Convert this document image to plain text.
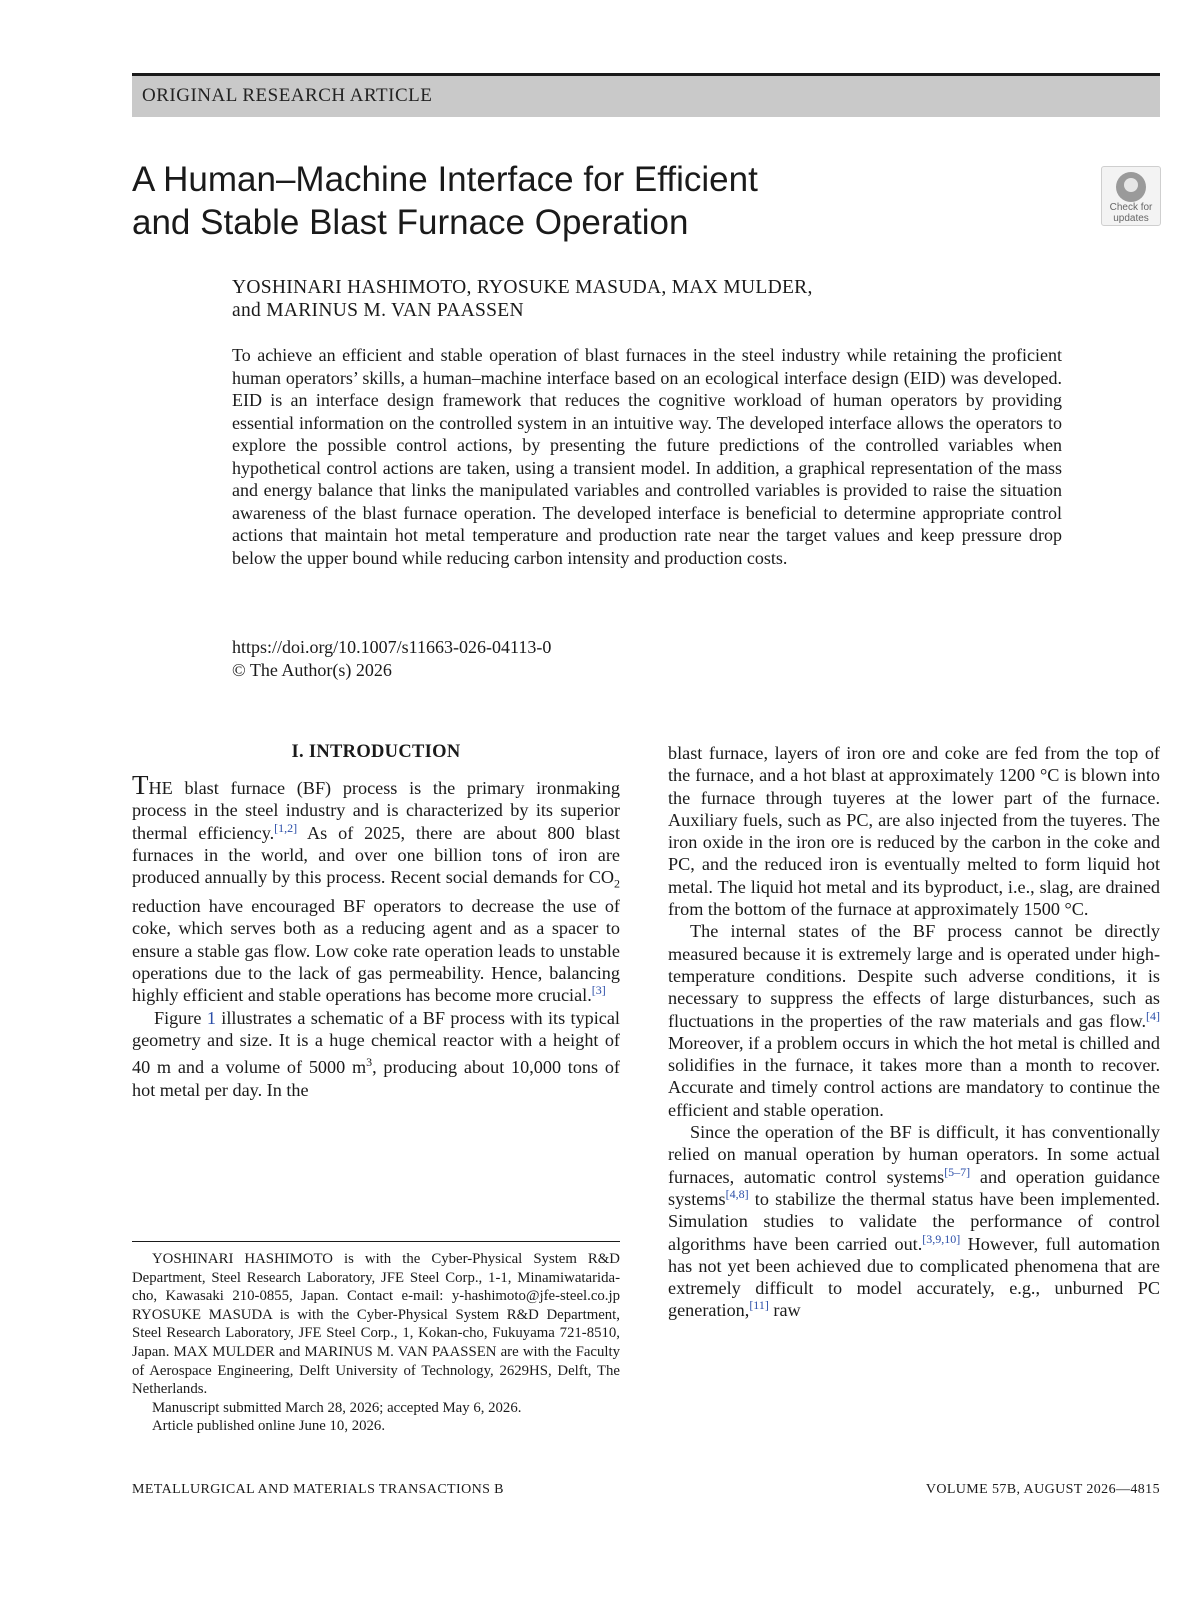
ORIGINAL RESEARCH ARTICLE
A Human–Machine Interface for Efficient
and Stable Blast Furnace Operation	Check for
updates
YOSHINARI HASHIMOTO, RYOSUKE MASUDA, MAX MULDER,
and MARINUS M. VAN PAASSEN

To achieve an efficient and stable operation of blast furnaces in the steel industry while retaining the proficient human operators’ skills, a human–machine interface based on an ecological interface design (EID) was developed. EID is an interface design framework that reduces the cognitive workload of human operators by providing essential information on the controlled system in an intuitive way. The developed interface allows the operators to explore the possible control actions, by presenting the future predictions of the controlled variables when hypothetical control actions are taken, using a transient model. In addition, a graphical representation of the mass and energy balance that links the manipulated variables and controlled variables is provided to raise the situation awareness of the blast furnace operation. The developed interface is beneficial to determine appropriate control actions that maintain hot metal temperature and production rate near the target values and keep pressure drop below the upper bound while reducing carbon intensity and production costs.

https://doi.org/10.1007/s11663-026-04113-0
© The Author(s) 2026
I. INTRODUCTION

THE blast furnace (BF) process is the primary ironmaking process in the steel industry and is characterized by its superior thermal efficiency.[1,2] As of 2025, there are about 800 blast furnaces in the world, and over one billion tons of iron are produced annually by this process. Recent social demands for $CO_2$ reduction have encouraged BF operators to decrease the use of coke, which serves both as a reducing agent and as a spacer to ensure a stable gas flow. Low coke rate operation leads to unstable operations due to the lack of gas permeability. Hence, balancing highly efficient and stable operations has become more crucial.[3]

Figure 1 illustrates a schematic of a BF process with its typical geometry and size. It is a huge chemical reactor with a height of 40 m and a volume of 5000 $m^3$, producing about 10,000 tons of hot metal per day. In the

blast furnace, layers of iron ore and coke are fed from the top of the furnace, and a hot blast at approximately 1200 °C is blown into the furnace through tuyeres at the lower part of the furnace. Auxiliary fuels, such as PC, are also injected from the tuyeres. The iron oxide in the iron ore is reduced by the carbon in the coke and PC, and the reduced iron is eventually melted to form liquid hot metal. The liquid hot metal and its byproduct, i.e., slag, are drained from the bottom of the furnace at approximately 1500 °C.

The internal states of the BF process cannot be directly measured because it is extremely large and is operated under high-temperature conditions. Despite such adverse conditions, it is necessary to suppress the effects of large disturbances, such as fluctuations in the properties of the raw materials and gas flow.[4] Moreover, if a problem occurs in which the hot metal is chilled and solidifies in the furnace, it takes more than a month to recover. Accurate and timely control actions are mandatory to continue the efficient and stable operation.

Since the operation of the BF is difficult, it has conventionally relied on manual operation by human operators. In some actual furnaces, automatic control systems[5–7] and operation guidance systems[4,8] to stabilize the thermal status have been implemented. Simulation studies to validate the performance of control algorithms have been carried out.[3,9,10] However, full automation has not yet been achieved due to complicated phenomena that are extremely difficult to model accurately, e.g., unburned PC generation,[11] raw

YOSHINARI HASHIMOTO is with the Cyber-Physical System R&D Department, Steel Research Laboratory, JFE Steel Corp., 1-1, Minamiwatarida-cho, Kawasaki 210-0855, Japan. Contact e-mail: y-hashimoto@jfe-steel.co.jp RYOSUKE MASUDA is with the Cyber-Physical System R&D Department, Steel Research Laboratory, JFE Steel Corp., 1, Kokan-cho, Fukuyama 721-8510, Japan. MAX MULDER and MARINUS M. VAN PAASSEN are with the Faculty of Aerospace Engineering, Delft University of Technology, 2629HS, Delft, The Netherlands.

Manuscript submitted March 28, 2026; accepted May 6, 2026.
Article published online June 10, 2026.
METALLURGICAL AND MATERIALS TRANSACTIONS B	VOLUME 57B, AUGUST 2026—4815
